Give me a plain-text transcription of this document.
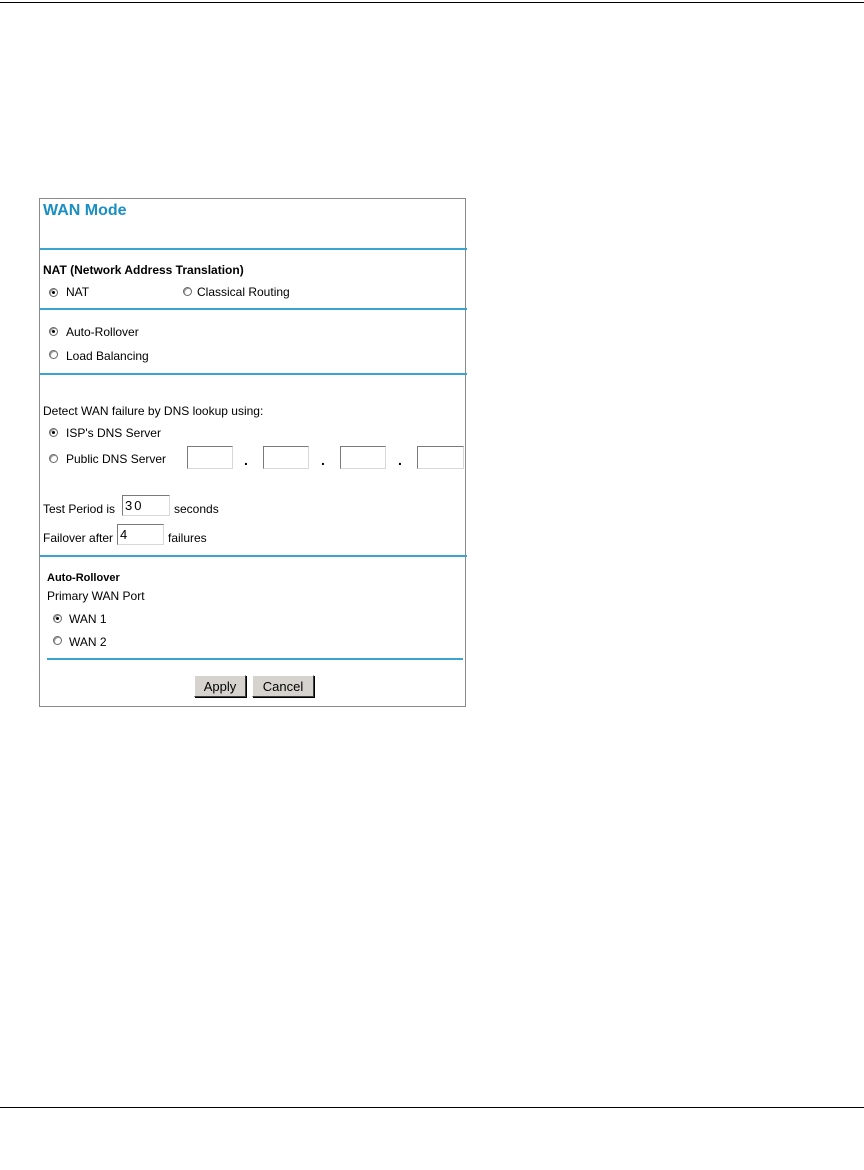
WAN Mode
NAT (Network Address Translation)
NAT	Classical Routing
Auto-Rollover
Load Balancing
Detect WAN failure by DNS lookup using:
ISP's DNS Server
Public DNS Server	.	.	.
Test Period is
30	seconds
Failover after
4	failures
Auto-Rollover
Primary WAN Port
WAN 1
WAN 2
Apply	Cancel
